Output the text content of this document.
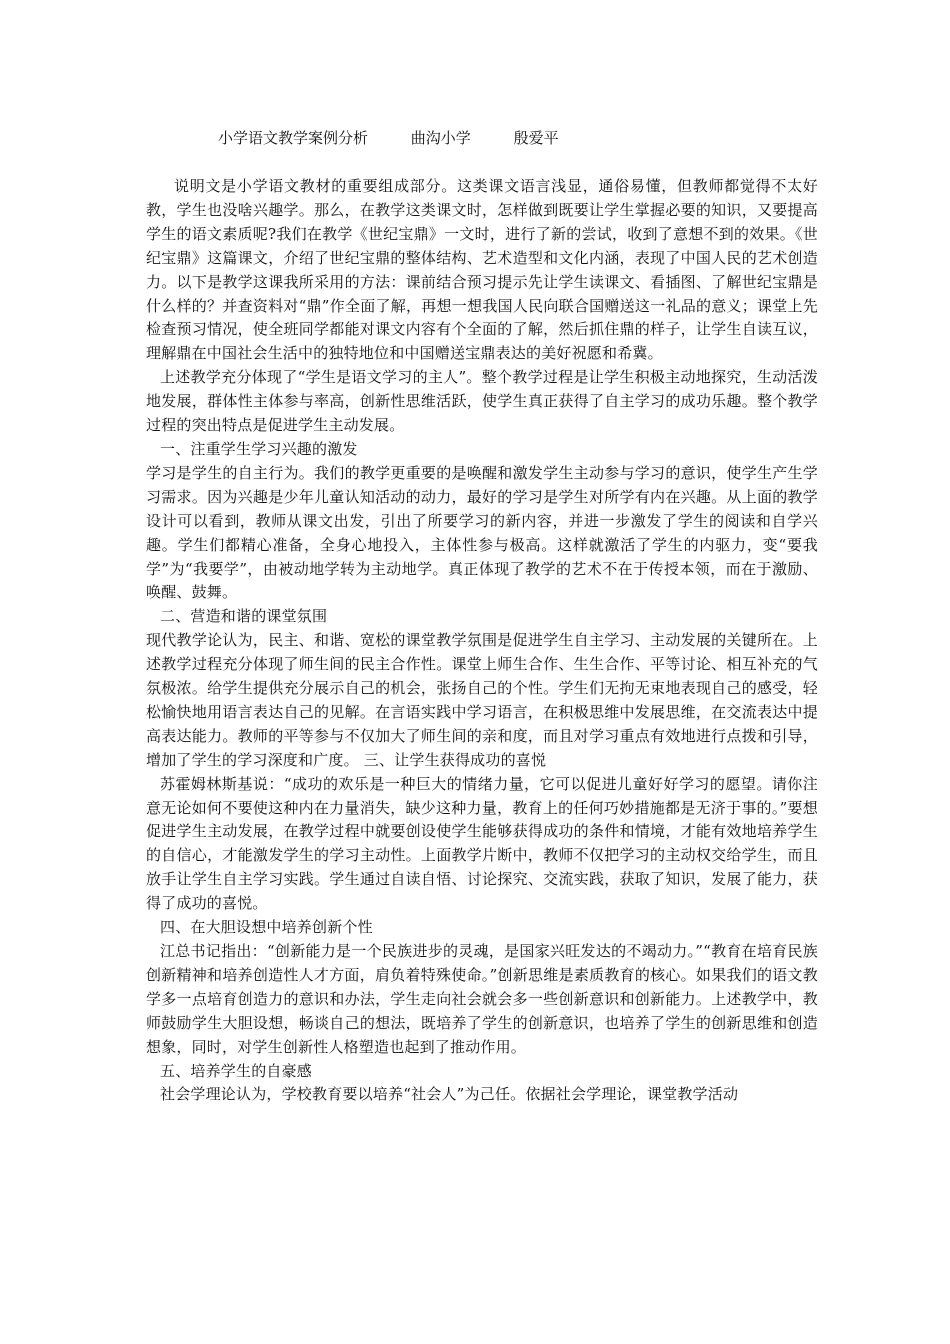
小学语文教学案例分析	曲沟小学	殷爱平

说明文是小学语文教材的重要组成部分。这类课文语言浅显，通俗易懂，但教师都觉得不太好教，学生也没啥兴趣学。那么，在教学这类课文时，怎样做到既要让学生掌握必要的知识，又要提高学生的语文素质呢?我们在教学《世纪宝鼎》一文时，进行了新的尝试，收到了意想不到的效果。《世纪宝鼎》这篇课文，介绍了世纪宝鼎的整体结构、艺术造型和文化内涵，表现了中国人民的艺术创造力。以下是教学这课我所采用的方法：课前结合预习提示先让学生读课文、看插图、了解世纪宝鼎是什么样的？并查资料对“鼎”作全面了解，再想一想我国人民向联合国赠送这一礼品的意义；课堂上先检查预习情况，使全班同学都能对课文内容有个全面的了解，然后抓住鼎的样子，让学生自读互议，理解鼎在中国社会生活中的独特地位和中国赠送宝鼎表达的美好祝愿和希冀。

上述教学充分体现了“学生是语文学习的主人”。整个教学过程是让学生积极主动地探究，生动活泼地发展，群体性主体参与率高，创新性思维活跃，使学生真正获得了自主学习的成功乐趣。整个教学过程的突出特点是促进学生主动发展。

一、注重学生学习兴趣的激发

学习是学生的自主行为。我们的教学更重要的是唤醒和激发学生主动参与学习的意识，使学生产生学习需求。因为兴趣是少年儿童认知活动的动力，最好的学习是学生对所学有内在兴趣。从上面的教学设计可以看到，教师从课文出发，引出了所要学习的新内容，并进一步激发了学生的阅读和自学兴趣。学生们都精心准备，全身心地投入，主体性参与极高。这样就激活了学生的内驱力，变“要我学”为“我要学”，由被动地学转为主动地学。真正体现了教学的艺术不在于传授本领，而在于激励、唤醒、鼓舞。

二、营造和谐的课堂氛围

现代教学论认为，民主、和谐、宽松的课堂教学氛围是促进学生自主学习、主动发展的关键所在。上述教学过程充分体现了师生间的民主合作性。课堂上师生合作、生生合作、平等讨论、相互补充的气氛极浓。给学生提供充分展示自己的机会，张扬自己的个性。学生们无拘无束地表现自己的感受，轻松愉快地用语言表达自己的见解。在言语实践中学习语言，在积极思维中发展思维，在交流表达中提高表达能力。教师的平等参与不仅加大了师生间的亲和度，而且对学习重点有效地进行点拨和引导，增加了学生的学习深度和广度。 三、让学生获得成功的喜悦

苏霍姆林斯基说：“成功的欢乐是一种巨大的情绪力量，它可以促进儿童好好学习的愿望。请你注意无论如何不要使这种内在力量消失，缺少这种力量，教育上的任何巧妙措施都是无济于事的。”要想促进学生主动发展，在教学过程中就要创设使学生能够获得成功的条件和情境，才能有效地培养学生的自信心，才能激发学生的学习主动性。上面教学片断中，教师不仅把学习的主动权交给学生，而且放手让学生自主学习实践。学生通过自读自悟、讨论探究、交流实践，获取了知识，发展了能力，获得了成功的喜悦。

四、在大胆设想中培养创新个性

江总书记指出：“创新能力是一个民族进步的灵魂，是国家兴旺发达的不竭动力。”“教育在培育民族创新精神和培养创造性人才方面，肩负着特殊使命。”创新思维是素质教育的核心。如果我们的语文教学多一点培育创造力的意识和办法，学生走向社会就会多一些创新意识和创新能力。上述教学中，教师鼓励学生大胆设想，畅谈自己的想法，既培养了学生的创新意识，也培养了学生的创新思维和创造想象，同时，对学生创新性人格塑造也起到了推动作用。

五、培养学生的自豪感

社会学理论认为，学校教育要以培养“社会人”为己任。依据社会学理论，课堂教学活动
